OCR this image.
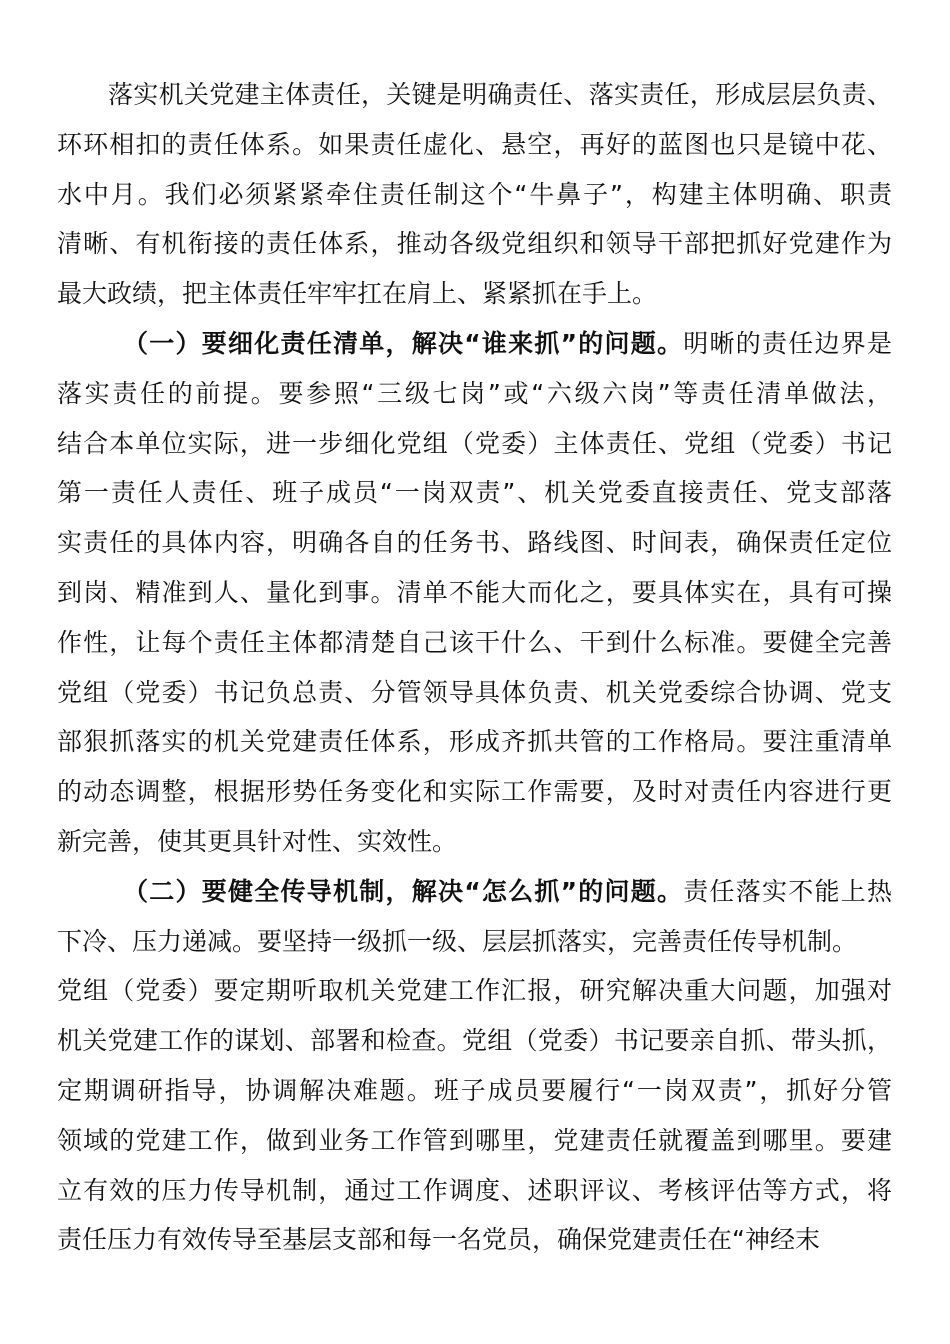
落实机关党建主体责任，关键是明确责任、落实责任，形成层层负责、
环环相扣的责任体系。如果责任虚化、悬空，再好的蓝图也只是镜中花、
水中月。我们必须紧紧牵住责任制这个“牛鼻子”，构建主体明确、职责
清晰、有机衔接的责任体系，推动各级党组织和领导干部把抓好党建作为
最大政绩，把主体责任牢牢扛在肩上、紧紧抓在手上。
（一）要细化责任清单，解决“谁来抓”的问题。明晰的责任边界是
落实责任的前提。要参照“三级七岗”或“六级六岗”等责任清单做法，
结合本单位实际，进一步细化党组（党委）主体责任、党组（党委）书记
第一责任人责任、班子成员“一岗双责”、机关党委直接责任、党支部落
实责任的具体内容，明确各自的任务书、路线图、时间表，确保责任定位
到岗、精准到人、量化到事。清单不能大而化之，要具体实在，具有可操
作性，让每个责任主体都清楚自己该干什么、干到什么标准。要健全完善
党组（党委）书记负总责、分管领导具体负责、机关党委综合协调、党支
部狠抓落实的机关党建责任体系，形成齐抓共管的工作格局。要注重清单
的动态调整，根据形势任务变化和实际工作需要，及时对责任内容进行更
新完善，使其更具针对性、实效性。
（二）要健全传导机制，解决“怎么抓”的问题。责任落实不能上热
下冷、压力递减。要坚持一级抓一级、层层抓落实，完善责任传导机制。
党组（党委）要定期听取机关党建工作汇报，研究解决重大问题，加强对
机关党建工作的谋划、部署和检查。党组（党委）书记要亲自抓、带头抓，
定期调研指导，协调解决难题。班子成员要履行“一岗双责”，抓好分管
领域的党建工作，做到业务工作管到哪里，党建责任就覆盖到哪里。要建
立有效的压力传导机制，通过工作调度、述职评议、考核评估等方式，将
责任压力有效传导至基层支部和每一名党员，确保党建责任在“神经末
